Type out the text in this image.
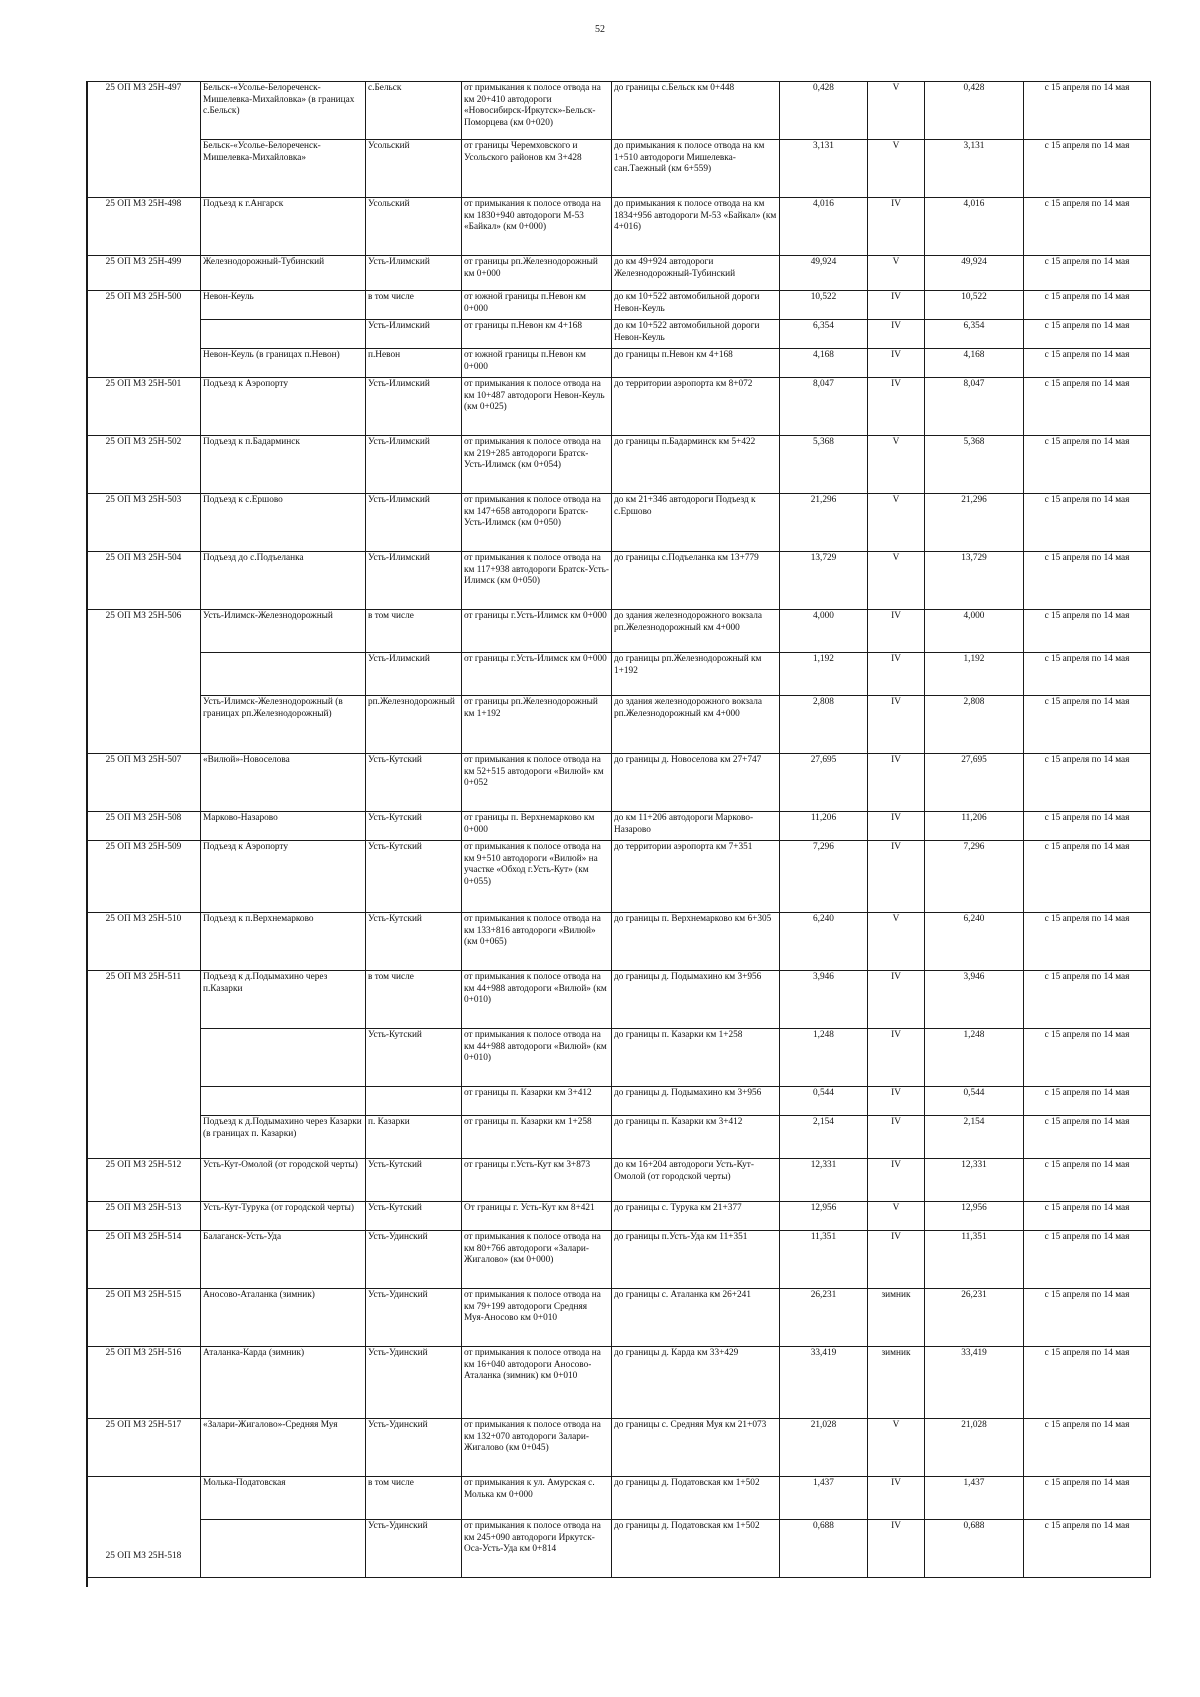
52
25 ОП МЗ 25Н-497	Бельск-«Усолье-Белореченск-Мишелевка-Михайловка» (в границах с.Бельск)	с.Бельск	от примыкания к полосе отвода на км 20+410 автодороги «Новосибирск-Иркутск»-Бельск-Поморцева (км 0+020)	до границы с.Бельск км 0+448	0,428	V	0,428	с 15 апреля по 14 мая
	Бельск-«Усолье-Белореченск-Мишелевка-Михайловка»	Усольский	от границы Черемховского и Усольского районов км 3+428	до примыкания к полосе отвода на км 1+510 автодороги Мишелевка-сан.Таежный (км 6+559)	3,131	V	3,131	с 15 апреля по 14 мая
25 ОП МЗ 25Н-498	Подъезд к г.Ангарск	Усольский	от примыкания к полосе отвода на км 1830+940 автодороги М-53 «Байкал» (км 0+000)	до примыкания к полосе отвода на км 1834+956 автодороги М-53 «Байкал» (км 4+016)	4,016	IV	4,016	с 15 апреля по 14 мая
25 ОП МЗ 25Н-499	Железнодорожный-Тубинский	Усть-Илимский	от границы рп.Железнодорожный км 0+000	до км 49+924 автодороги Железнодорожный-Тубинский	49,924	V	49,924	с 15 апреля по 14 мая
25 ОП МЗ 25Н-500	Невон-Кеуль	в том числе	от южной границы п.Невон км 0+000	до км 10+522 автомобильной дороги Невон-Кеуль	10,522	IV	10,522	с 15 апреля по 14 мая
		Усть-Илимский	от границы п.Невон км 4+168	до км 10+522 автомобильной дороги Невон-Кеуль	6,354	IV	6,354	с 15 апреля по 14 мая
	Невон-Кеуль (в границах п.Невон)	п.Невон	от южной границы п.Невон км 0+000	до границы п.Невон км 4+168	4,168	IV	4,168	с 15 апреля по 14 мая
25 ОП МЗ 25Н-501	Подъезд к Аэропорту	Усть-Илимский	от примыкания к полосе отвода на км 10+487 автодороги Невон-Кеуль (км 0+025)	до территории аэропорта км 8+072	8,047	IV	8,047	с 15 апреля по 14 мая
25 ОП МЗ 25Н-502	Подъезд к п.Бадарминск	Усть-Илимский	от примыкания к полосе отвода на км 219+285 автодороги Братск-Усть-Илимск (км 0+054)	до границы п.Бадарминск км 5+422	5,368	V	5,368	с 15 апреля по 14 мая
25 ОП МЗ 25Н-503	Подъезд к с.Ершово	Усть-Илимский	от примыкания к полосе отвода на км 147+658 автодороги Братск-Усть-Илимск (км 0+050)	до км 21+346 автодороги Подъезд к с.Ершово	21,296	V	21,296	с 15 апреля по 14 мая
25 ОП МЗ 25Н-504	Подъезд до с.Подъеланка	Усть-Илимский	от примыкания к полосе отвода на км 117+938 автодороги Братск-Усть-Илимск (км 0+050)	до границы с.Подъеланка км 13+779	13,729	V	13,729	с 15 апреля по 14 мая
25 ОП МЗ 25Н-506	Усть-Илимск-Железнодорожный	в том числе	от границы г.Усть-Илимск км 0+000	до здания железнодорожного вокзала рп.Железнодорожный км 4+000	4,000	IV	4,000	с 15 апреля по 14 мая
		Усть-Илимский	от границы г.Усть-Илимск км 0+000	до границы рп.Железнодорожный км 1+192	1,192	IV	1,192	с 15 апреля по 14 мая
	Усть-Илимск-Железнодорожный (в границах рп.Железнодорожный)	рп.Железнодорожный	от границы рп.Железнодорожный км 1+192	до здания железнодорожного вокзала рп.Железнодорожный км 4+000	2,808	IV	2,808	с 15 апреля по 14 мая
25 ОП МЗ 25Н-507	«Вилюй»-Новоселова	Усть-Кутский	от примыкания к полосе отвода на км 52+515 автодороги «Вилюй» км 0+052	до границы д. Новоселова км 27+747	27,695	IV	27,695	с 15 апреля по 14 мая
25 ОП МЗ 25Н-508	Марково-Назарово	Усть-Кутский	от границы п. Верхнемарково км 0+000	до км 11+206 автодороги Марково-Назарово	11,206	IV	11,206	с 15 апреля по 14 мая
25 ОП МЗ 25Н-509	Подъезд к Аэропорту	Усть-Кутский	от примыкания к полосе отвода на км 9+510 автодороги «Вилюй» на участке «Обход г.Усть-Кут» (км 0+055)	до территории аэропорта км 7+351	7,296	IV	7,296	с 15 апреля по 14 мая
25 ОП МЗ 25Н-510	Подъезд к п.Верхнемарково	Усть-Кутский	от примыкания к полосе отвода на км 133+816 автодороги «Вилюй» (км 0+065)	до границы п. Верхнемарково км 6+305	6,240	V	6,240	с 15 апреля по 14 мая
25 ОП МЗ 25Н-511	Подъезд к д.Подымахино через п.Казарки	в том числе	от примыкания к полосе отвода на км 44+988 автодороги «Вилюй» (км 0+010)	до границы д. Подымахино км 3+956	3,946	IV	3,946	с 15 апреля по 14 мая
		Усть-Кутский	от примыкания к полосе отвода на км 44+988 автодороги «Вилюй» (км 0+010)	до границы п. Казарки км 1+258	1,248	IV	1,248	с 15 апреля по 14 мая
			от границы п. Казарки км 3+412	до границы д. Подымахино км 3+956	0,544	IV	0,544	с 15 апреля по 14 мая
	Подъезд к д.Подымахино через Казарки (в границах п. Казарки)	п. Казарки	от границы п. Казарки км 1+258	до границы п. Казарки км 3+412	2,154	IV	2,154	с 15 апреля по 14 мая
25 ОП МЗ 25Н-512	Усть-Кут-Омолой (от городской черты)	Усть-Кутский	от границы г.Усть-Кут км 3+873	до км 16+204 автодороги Усть-Кут-Омолой (от городской черты)	12,331	IV	12,331	с 15 апреля по 14 мая
25 ОП МЗ 25Н-513	Усть-Кут-Турука (от городской черты)	Усть-Кутский	От границы г. Усть-Кут км 8+421	до границы с. Турука км 21+377	12,956	V	12,956	с 15 апреля по 14 мая
25 ОП МЗ 25Н-514	Балаганск-Усть-Уда	Усть-Удинский	от примыкания к полосе отвода на км 80+766 автодороги «Залари-Жигалово» (км 0+000)	до границы п.Усть-Уда км 11+351	11,351	IV	11,351	с 15 апреля по 14 мая
25 ОП МЗ 25Н-515	Аносово-Аталанка (зимник)	Усть-Удинский	от примыкания к полосе отвода на км 79+199 автодороги Средняя Муя-Аносово км 0+010	до границы с. Аталанка км 26+241	26,231	зимник	26,231	с 15 апреля по 14 мая
25 ОП МЗ 25Н-516	Аталанка-Карда (зимник)	Усть-Удинский	от примыкания к полосе отвода на км 16+040 автодороги Аносово-Аталанка (зимник) км 0+010	до границы д. Карда км 33+429	33,419	зимник	33,419	с 15 апреля по 14 мая
25 ОП МЗ 25Н-517	«Залари-Жигалово»-Средняя Муя	Усть-Удинский	от примыкания к полосе отвода на км 132+070 автодороги Залари-Жигалово (км 0+045)	до границы с. Средняя Муя км 21+073	21,028	V	21,028	с 15 апреля по 14 мая
25 ОП МЗ 25Н-518	Молька-Податовская	в том числе	от примыкания к ул. Амурская с. Молька км 0+000	до границы д. Податовская км 1+502	1,437	IV	1,437	с 15 апреля по 14 мая
		Усть-Удинский	от примыкания к полосе отвода на км 245+090 автодороги Иркутск-Оса-Усть-Уда км 0+814	до границы д. Податовская км 1+502	0,688	IV	0,688	с 15 апреля по 14 мая
